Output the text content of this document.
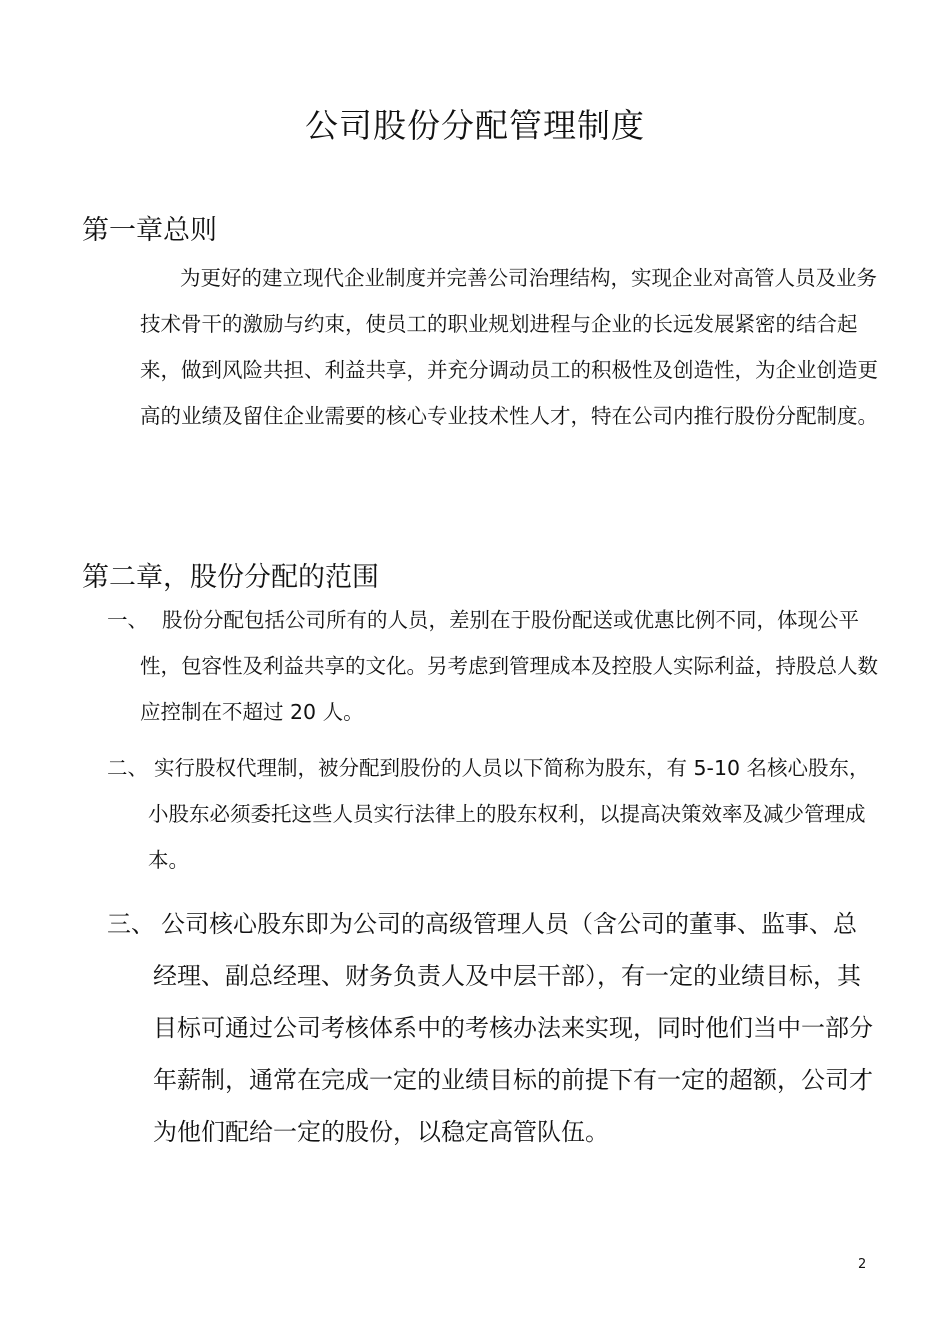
公司股份分配管理制度
第一章总则
为更好的建立现代企业制度并完善公司治理结构，实现企业对高管人员及业务技术骨干的激励与约束，使员工的职业规划进程与企业的长远发展紧密的结合起来，做到风险共担、利益共享，并充分调动员工的积极性及创造性，为企业创造更高的业绩及留住企业需要的核心专业技术性人才，特在公司内推行股份分配制度。
第二章，股份分配的范围
一、 股份分配包括公司所有的人员，差别在于股份配送或优惠比例不同，体现公平性，包容性及利益共享的文化。另考虑到管理成本及控股人实际利益，持股总人数应控制在不超过 20 人。
二、 实行股权代理制，被分配到股份的人员以下简称为股东，有 5-10 名核心股东，小股东必须委托这些人员实行法律上的股东权利，以提高决策效率及减少管理成本。
三、 公司核心股东即为公司的高级管理人员（含公司的董事、监事、总经理、副总经理、财务负责人及中层干部），有一定的业绩目标，其目标可通过公司考核体系中的考核办法来实现，同时他们当中一部分年薪制，通常在完成一定的业绩目标的前提下有一定的超额，公司才为他们配给一定的股份，以稳定高管队伍。
2
